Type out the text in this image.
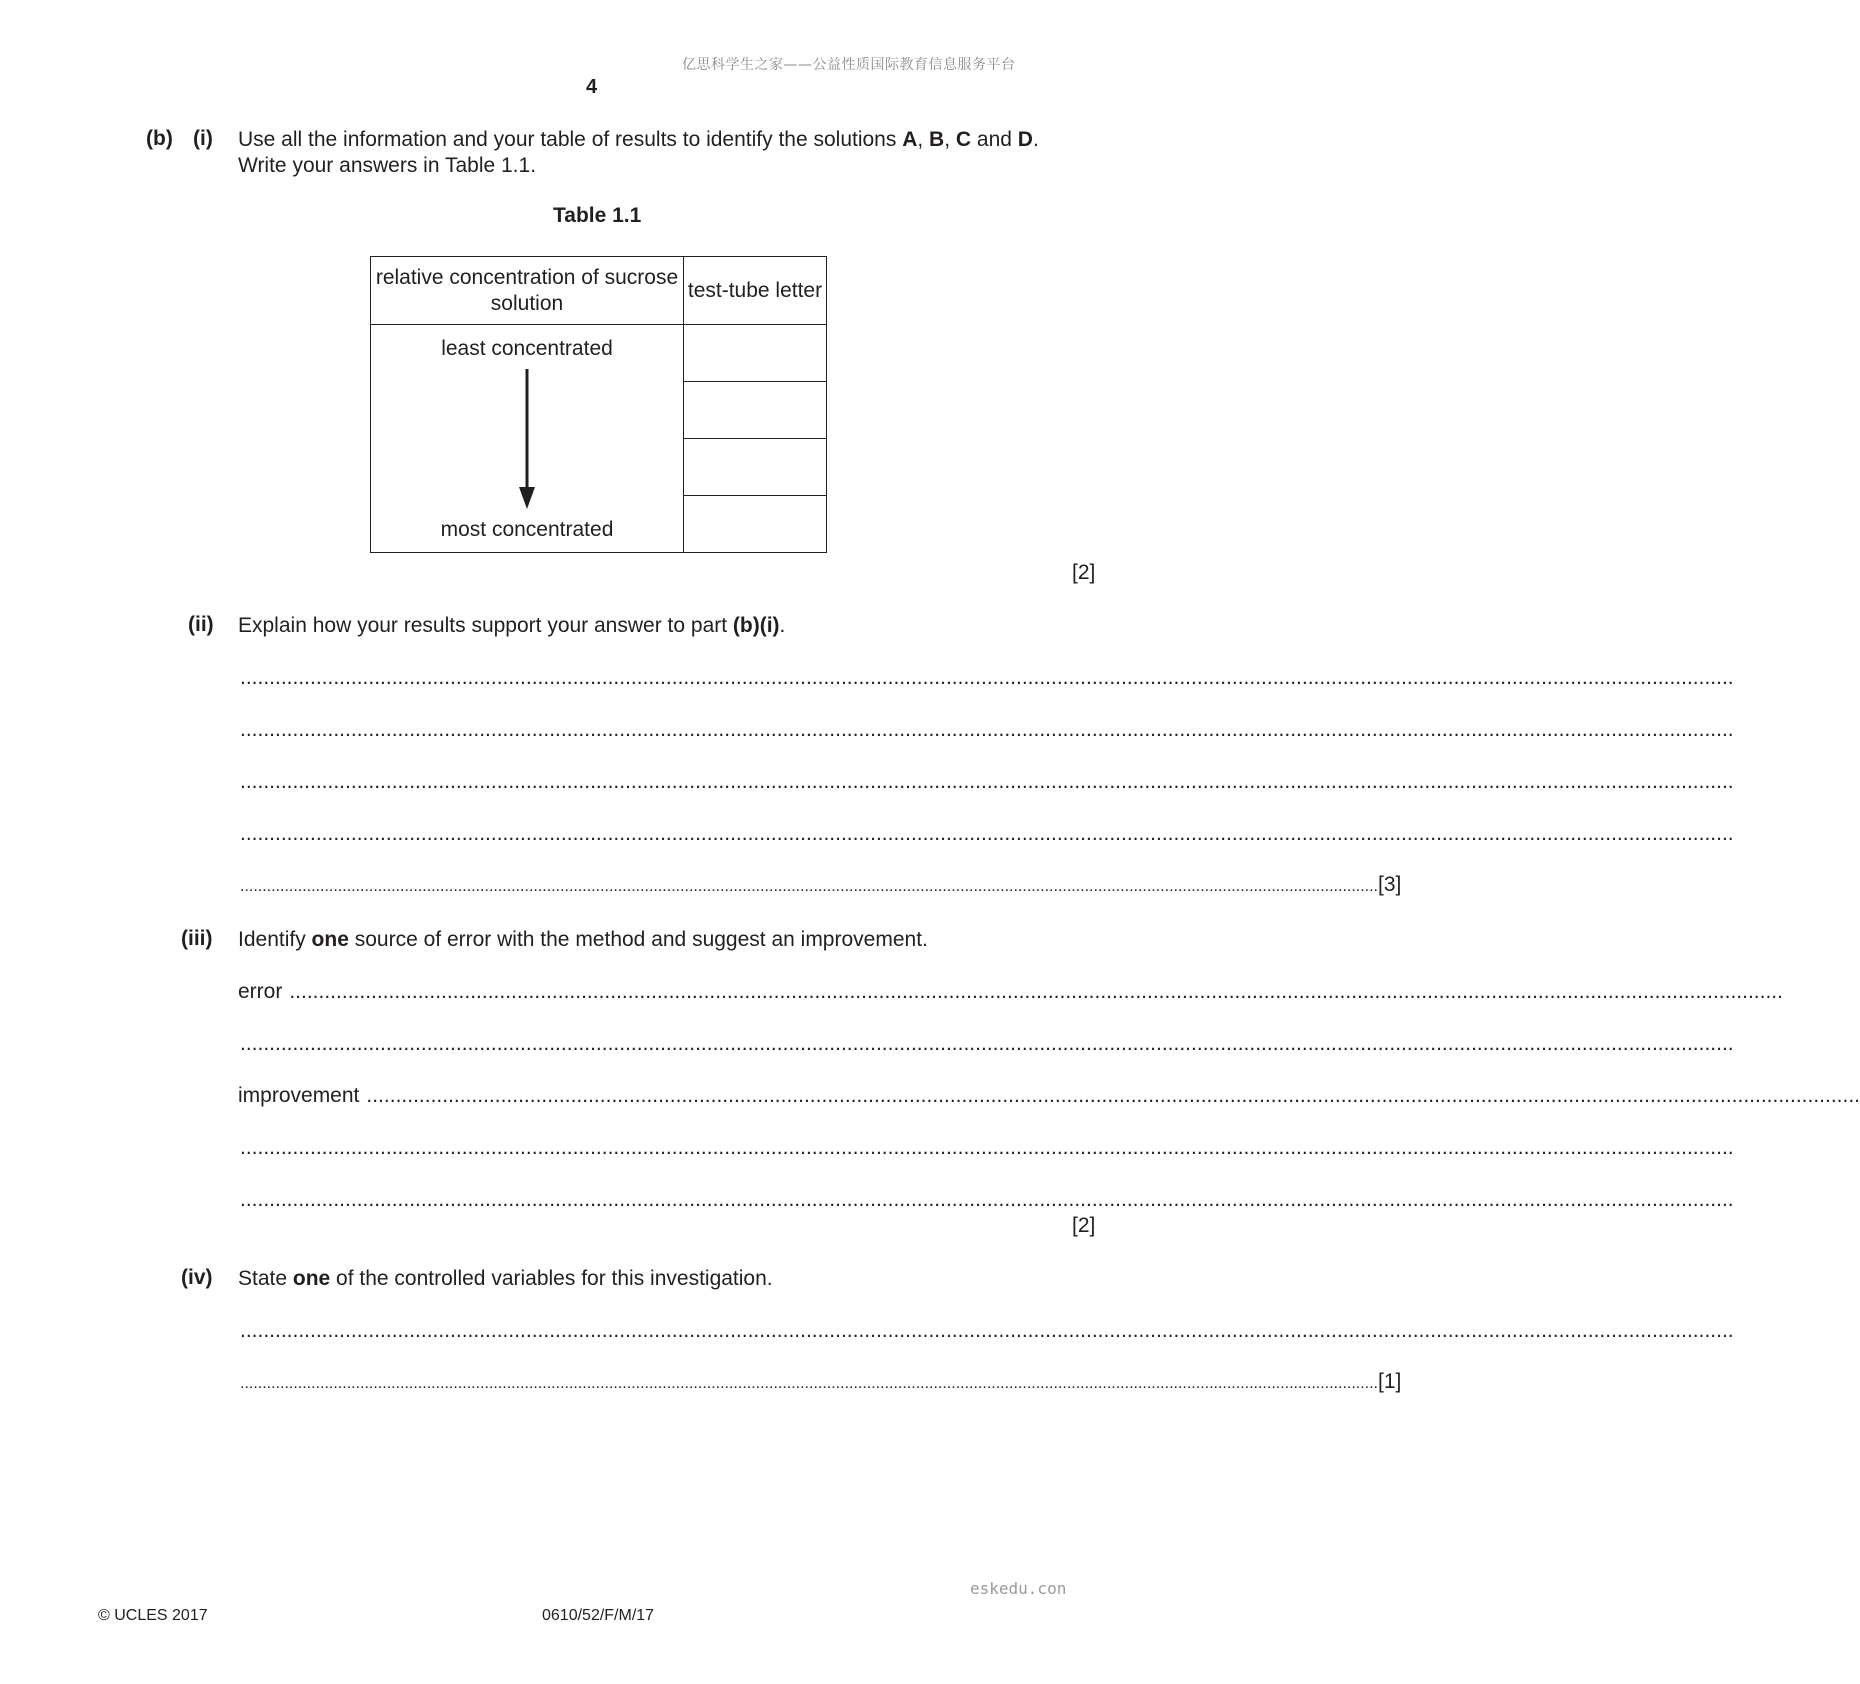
亿思科学生之家——公益性质国际教育信息服务平台
4
(b) (i) Use all the information and your table of results to identify the solutions A, B, C and D.
Write your answers in Table 1.1.
Table 1.1
relative concentration of sucrose solution	test-tube letter

least concentrated
most concentrated	

[2]
(ii) Explain how your results support your answer to part (b)(i).
................................................................................................................................................................................................................................................................
................................................................................................................................................................................................................................................................
................................................................................................................................................................................................................................................................
................................................................................................................................................................................................................................................................
................................................................................................................................................................................................................................................................ [3]
(iii) Identify one source of error with the method and suggest an improvement.
error ................................................................................................................................................................................................................................................................
................................................................................................................................................................................................................................................................
improvement ................................................................................................................................................................................................................................................................
................................................................................................................................................................................................................................................................
................................................................................................................................................................................................................................................................
[2]
(iv) State one of the controlled variables for this investigation.
................................................................................................................................................................................................................................................................
................................................................................................................................................................................................................................................................ [1]
eskedu.con
© UCLES 2017	0610/52/F/M/17
